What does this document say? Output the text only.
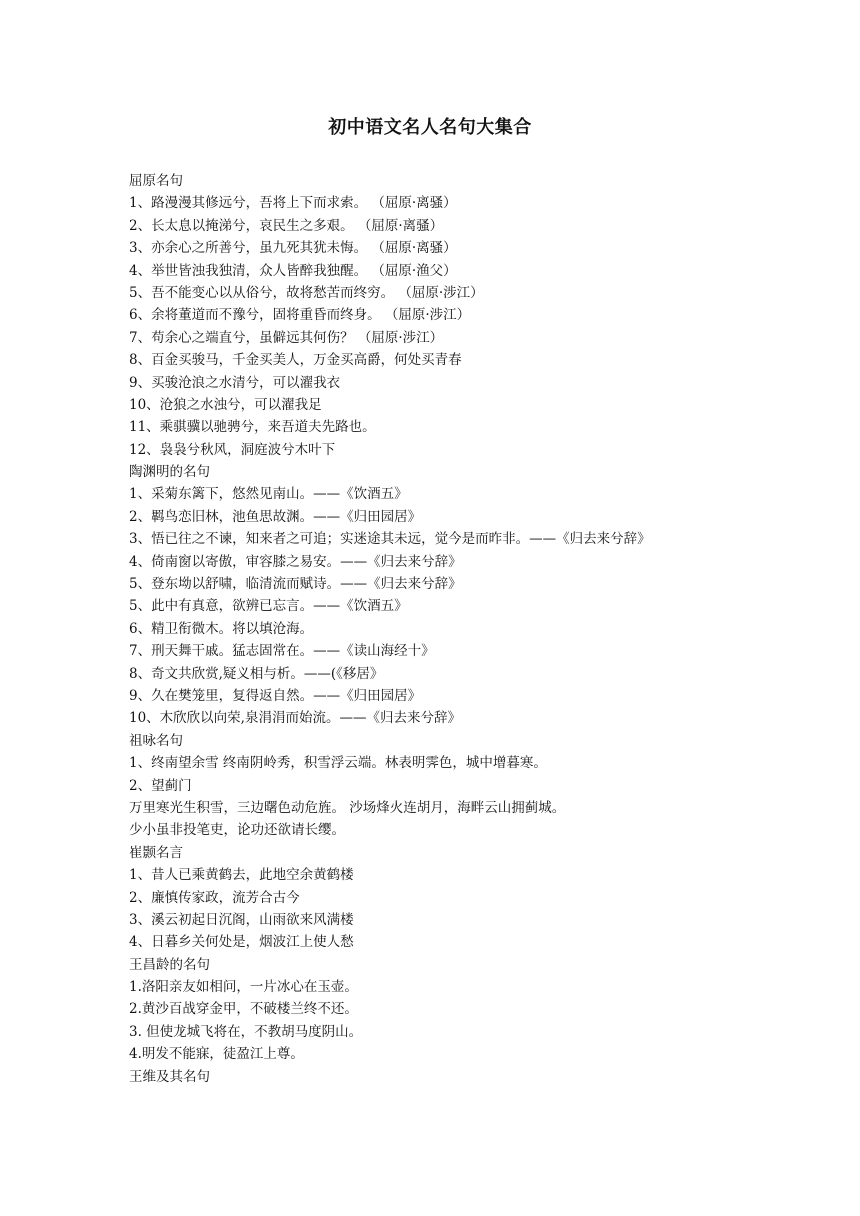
初中语文名人名句大集合
屈原名句
1、路漫漫其修远兮，吾将上下而求索。 （屈原·离骚）
2、长太息以掩涕兮，哀民生之多艰。 （屈原·离骚）
3、亦余心之所善兮，虽九死其犹未悔。 （屈原·离骚）
4、举世皆浊我独清，众人皆醉我独醒。 （屈原·渔父）
5、吾不能变心以从俗兮，故将愁苦而终穷。 （屈原·涉江）
6、余将董道而不豫兮，固将重昏而终身。 （屈原·涉江）
7、苟余心之端直兮，虽僻远其何伤？ （屈原·涉江）
8、百金买骏马，千金买美人，万金买高爵，何处买青春
9、买骏沧浪之水清兮，可以濯我衣
10、沧狼之水浊兮，可以濯我足
11、乘骐骥以驰骋兮，来吾道夫先路也。
12、袅袅兮秋风，洞庭波兮木叶下
陶渊明的名句
1、采菊东篱下，悠然见南山。——《饮酒五》
2、羁鸟恋旧林，池鱼思故渊。——《归田园居》
3、悟已往之不谏，知来者之可追；实迷途其未远，觉今是而昨非。——《归去来兮辞》
4、倚南窗以寄傲，审容膝之易安。——《归去来兮辞》
5、登东坳以舒啸，临清流而赋诗。——《归去来兮辞》
5、此中有真意，欲辨已忘言。——《饮酒五》
6、精卫衔微木。将以填沧海。
7、刑天舞干戚。猛志固常在。——《读山海经十》
8、奇文共欣赏,疑义相与析。——(《移居》
9、久在樊笼里，复得返自然。——《归田园居》
10、木欣欣以向荣,泉涓涓而始流。——《归去来兮辞》
祖咏名句
1、终南望余雪 终南阴岭秀，积雪浮云端。林表明霁色，城中增暮寒。
2、望蓟门
万里寒光生积雪，三边曙色动危旌。 沙场烽火连胡月，海畔云山拥蓟城。
少小虽非投笔吏，论功还欲请长缨。
崔颢名言
1、昔人已乘黄鹤去，此地空余黄鹤楼
2、廉慎传家政，流芳合古今
3、溪云初起日沉阁，山雨欲来风满楼
4、日暮乡关何处是，烟波江上使人愁
王昌龄的名句
1.洛阳亲友如相问，一片冰心在玉壶。
2.黄沙百战穿金甲，不破楼兰终不还。
3. 但使龙城飞将在，不教胡马度阴山。
4.明发不能寐，徒盈江上尊。
王维及其名句
